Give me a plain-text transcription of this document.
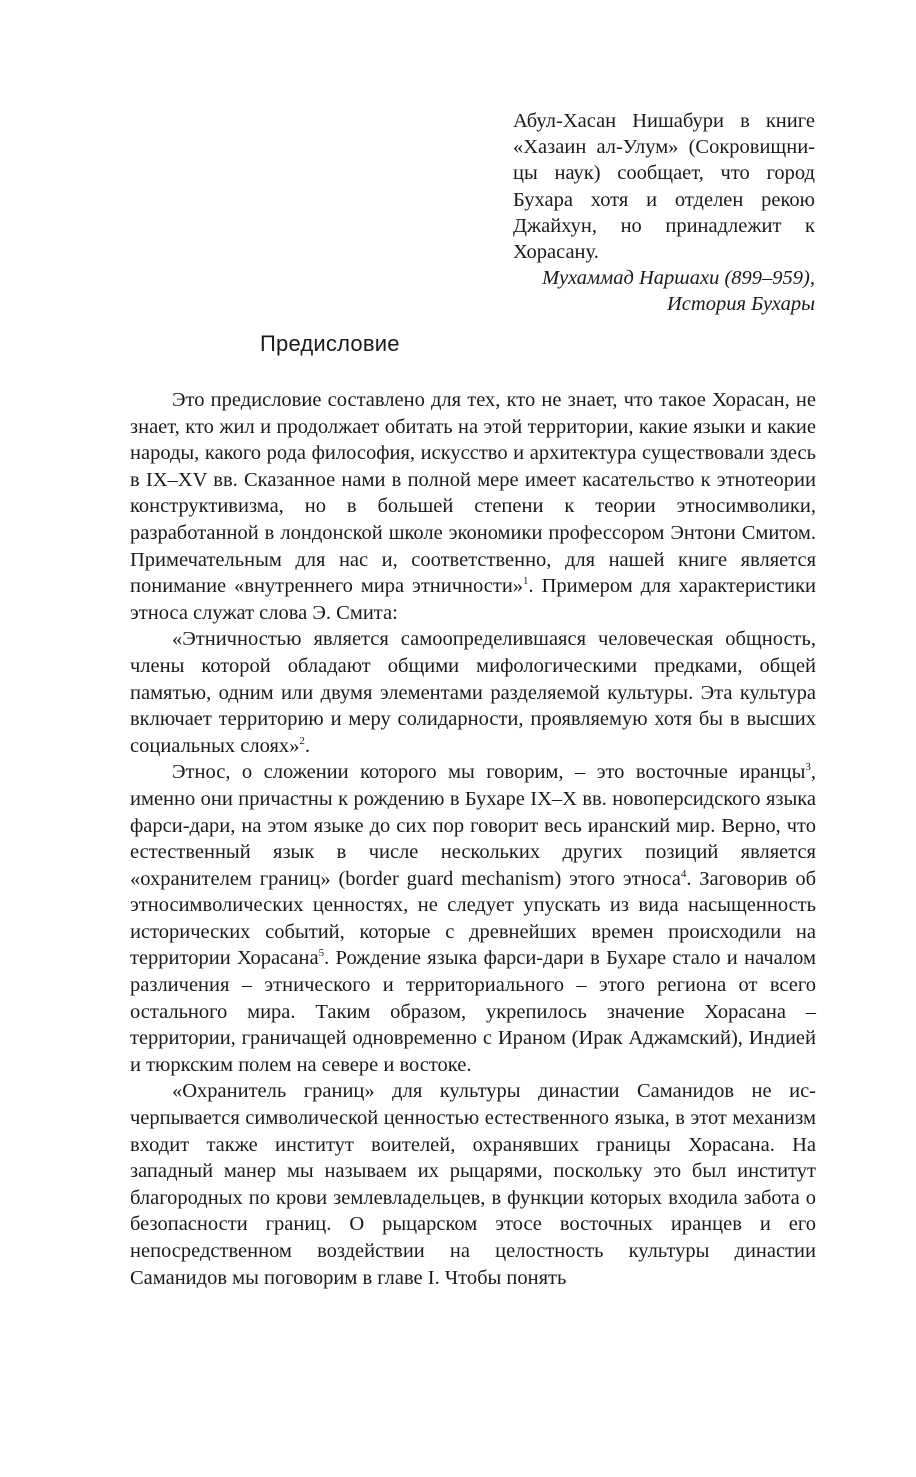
Абул-Хасан Нишабури в книге «Хазаин ал-Улум» (Сокровищницы наук) сообщает, что город Бухара хотя и отделен рекою Джайхун, но принадлежит к Хорасану.

Мухаммад Наршахи (899–959),

История Бухары

Предисловие

Это предисловие составлено для тех, кто не знает, что такое Хорасан, не знает, кто жил и продолжает обитать на этой территории, какие языки и какие народы, какого рода философия, искусство и архитектура существовали здесь в IX–XV вв. Сказанное нами в полной мере имеет касательство к этнотеории конструктивизма, но в большей степени к теории этносимволики, разработанной в лондонской школе экономики профессором Энтони Смитом. Примечательным для нас и, соответственно, для нашей книге является понимание «внутреннего мира этничности»$^1$. Примером для характеристики этноса служат слова Э. Смита:

«Этничностью является самоопределившаяся человеческая общность, члены которой обладают общими мифологическими предками, общей памятью, одним или двумя элементами разделяемой культуры. Эта культура включает территорию и меру солидарности, проявляемую хотя бы в высших социальных слоях»$^2$.

Этнос, о сложении которого мы говорим, – это восточные иранцы$^3$, именно они причастны к рождению в Бухаре IX–X вв. новоперсидского языка фарси-дари, на этом языке до сих пор говорит весь иранский мир. Верно, что естественный язык в числе нескольких других позиций является «охранителем границ» (border guard mechanism) этого этноса$^4$. Заговорив об этносимволических ценностях, не следует упускать из вида насыщенность исторических событий, которые с древнейших времен происходили на территории Хорасана$^5$. Рождение языка фарси-дари в Бухаре стало и началом различения – этнического и территориального – этого региона от всего остального мира. Таким образом, укрепилось значение Хорасана – территории, граничащей одновременно с Ираном (Ирак Аджамский), Индией и тюркским полем на севере и востоке.

«Охранитель границ» для культуры династии Саманидов не исчерпывается символической ценностью естественного языка, в этот механизм входит также институт воителей, охранявших границы Хорасана. На западный манер мы называем их рыцарями, поскольку это был институт благородных по крови землевладельцев, в функции которых входила забота о безопасности границ. О рыцарском этосе восточных иранцев и его непосредственном воздействии на целостность культуры династии Саманидов мы поговорим в главе I. Чтобы понять
